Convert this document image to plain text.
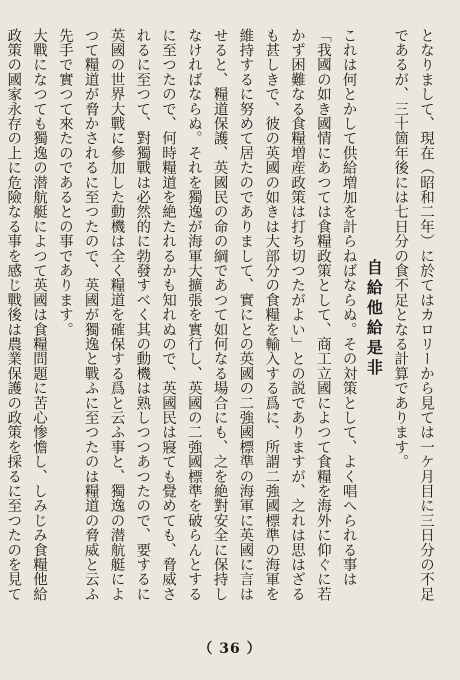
となりまして、現在（昭和二年）に於てはカロリーから見ては一ケ月目に三日分の不足であるが、三十箇年後には七日分の食不足となる計算であります。

自給他給是非

これは何とかして供給増加を計らねばならぬ。その対策として、よく唱へられる事は「我國の如き國情にあつては食糧政策として、商工立國によつて食糧を海外に仰ぐに若かず困難なる食糧増産政策は打ち切つたがよい」との説でありますが、之れは思はざるも甚しきで、彼の英國の如きは大部分の食糧を輸入する爲に、所謂二強國標準の海軍を維持するに努めて居たのでありまして、實にとの英國の二強國標準の海軍に英國に言はせると、糧道保護、英國民の命の綱であつて如何なる場合にも、之を絶對安全に保持しなければならぬ。それを獨逸が海軍大擴張を實行し、英國の二強國標準を破らんとするに至つたので、何時糧道を絶たれるかも知れぬので、英國民は寢ても覺めても、脅威されるに至つて、對獨戰は必然的に勃發すべく其の動機は熟しつつあつたので、要するに英國の世界大戰に參加した動機は全く糧道を確保する爲と云ふ事と、獨逸の潜航艇によつて糧道が脅かされるに至つたので、英國が獨逸と戰ふに至つたのは糧道の脅威と云ふ先手で實つて來たのであるとの事であります。

大戰になつても獨逸の潜航艇によつて英國は食糧問題に苦心惨憺し、しみじみ食糧他給政策の國家永存の上に危險なる事を感じ戰後は農業保護の政策を採るに至つたのを見て

（ 36 ）
